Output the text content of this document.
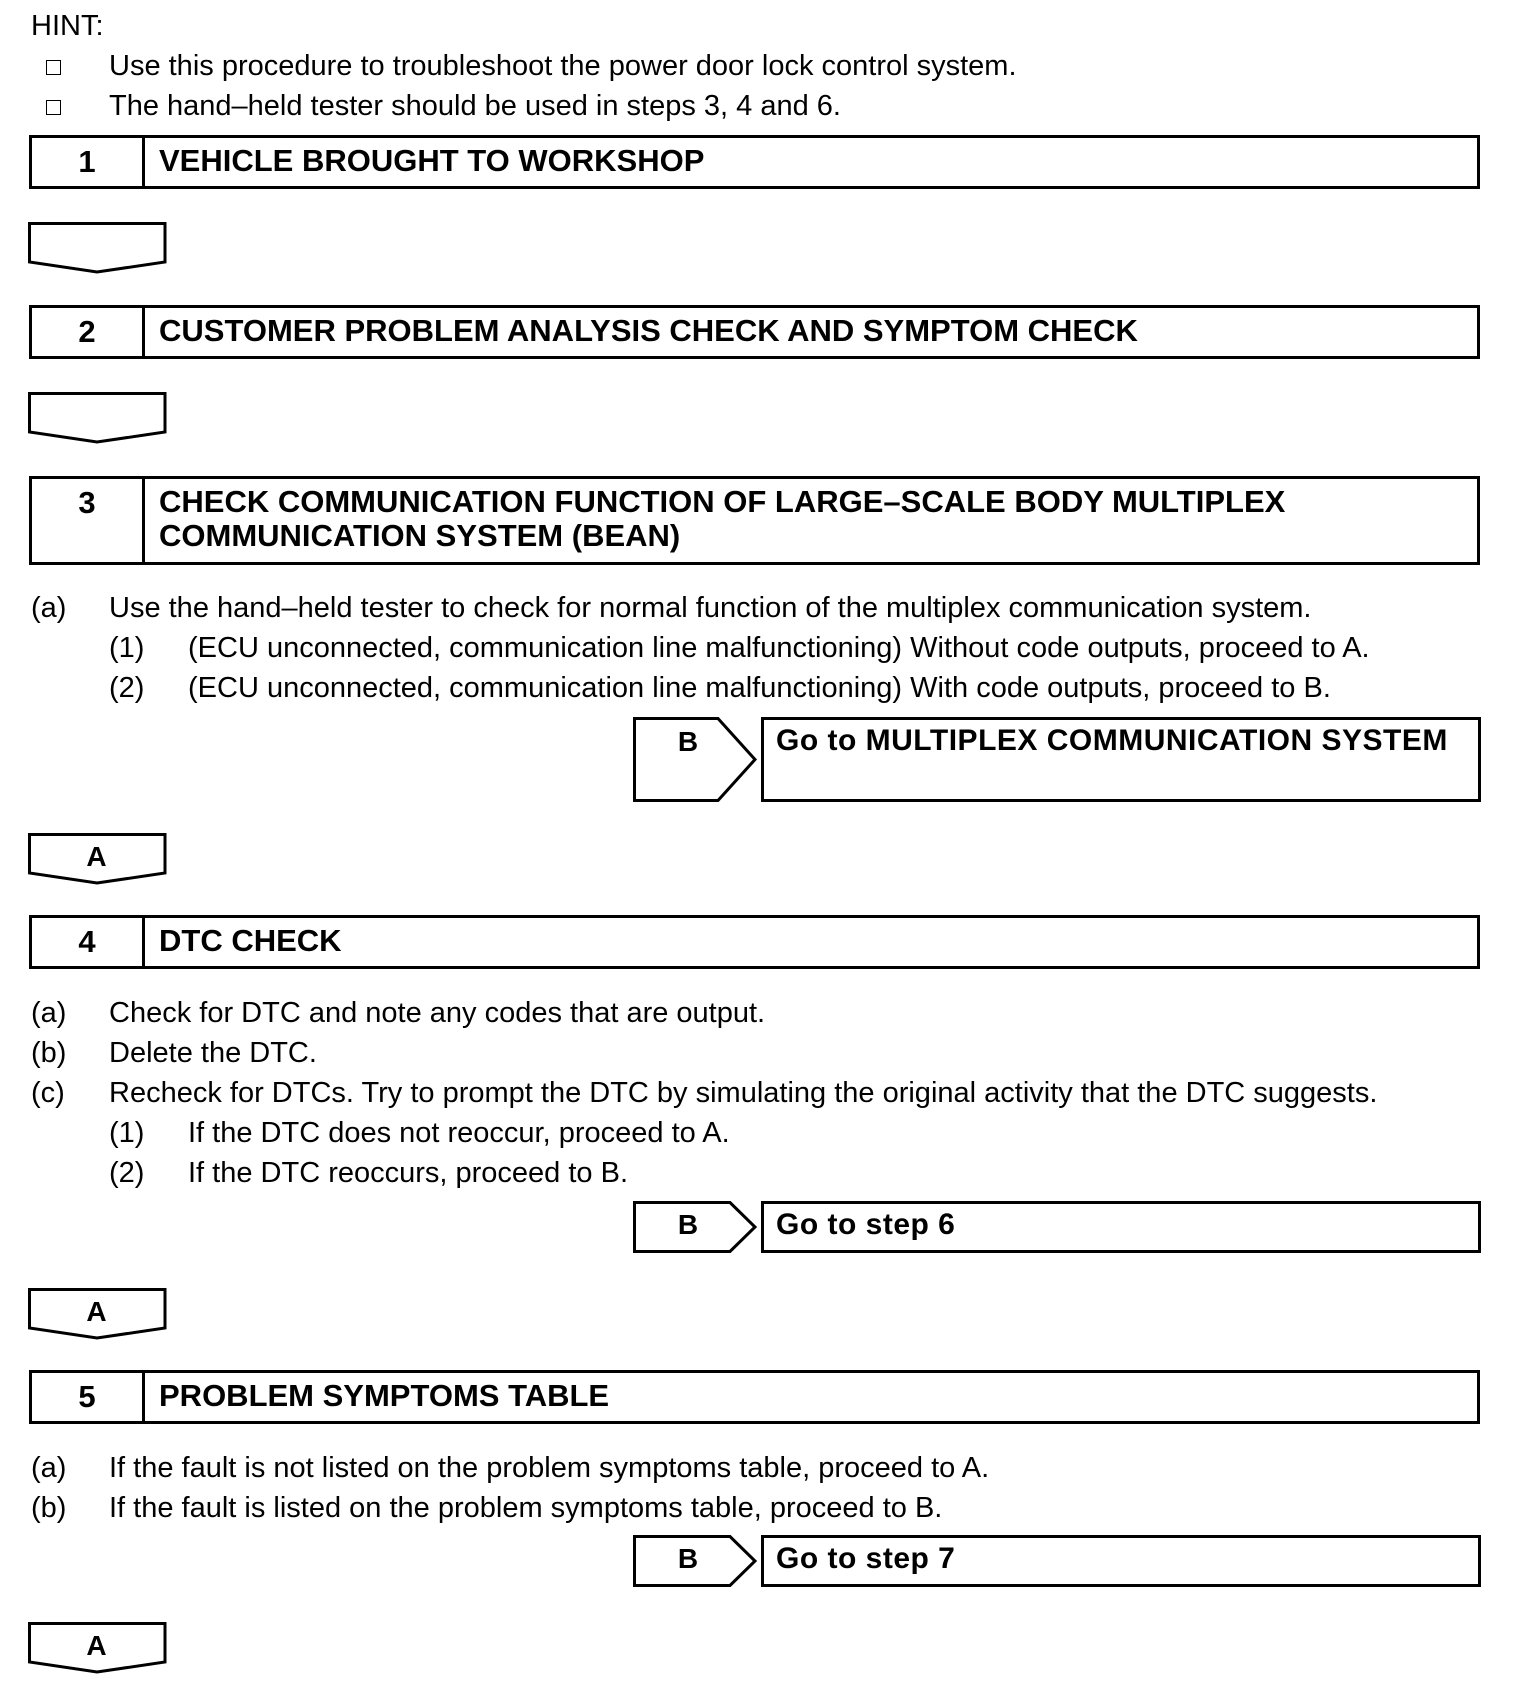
HINT:
Use this procedure to troubleshoot the power door lock control system.
The hand–held tester should be used in steps 3, 4 and 6.
1	VEHICLE BROUGHT TO WORKSHOP
2	CUSTOMER PROBLEM ANALYSIS CHECK AND SYMPTOM CHECK
3	CHECK COMMUNICATION FUNCTION OF LARGE–SCALE BODY MULTIPLEX
COMMUNICATION SYSTEM (BEAN)
(a) Use the hand–held tester to check for normal function of the multiplex communication system.
(1) (ECU unconnected, communication line malfunctioning) Without code outputs, proceed to A.
(2) (ECU unconnected, communication line malfunctioning) With code outputs, proceed to B.
B	Go to MULTIPLEX COMMUNICATION SYSTEM
A
4	DTC CHECK
(a) Check for DTC and note any codes that are output.
(b) Delete the DTC.
(c) Recheck for DTCs. Try to prompt the DTC by simulating the original activity that the DTC suggests.
(1) If the DTC does not reoccur, proceed to A.
(2) If the DTC reoccurs, proceed to B.
B	Go to step 6
A
5	PROBLEM SYMPTOMS TABLE
(a) If the fault is not listed on the problem symptoms table, proceed to A.
(b) If the fault is listed on the problem symptoms table, proceed to B.
B	Go to step 7
A
